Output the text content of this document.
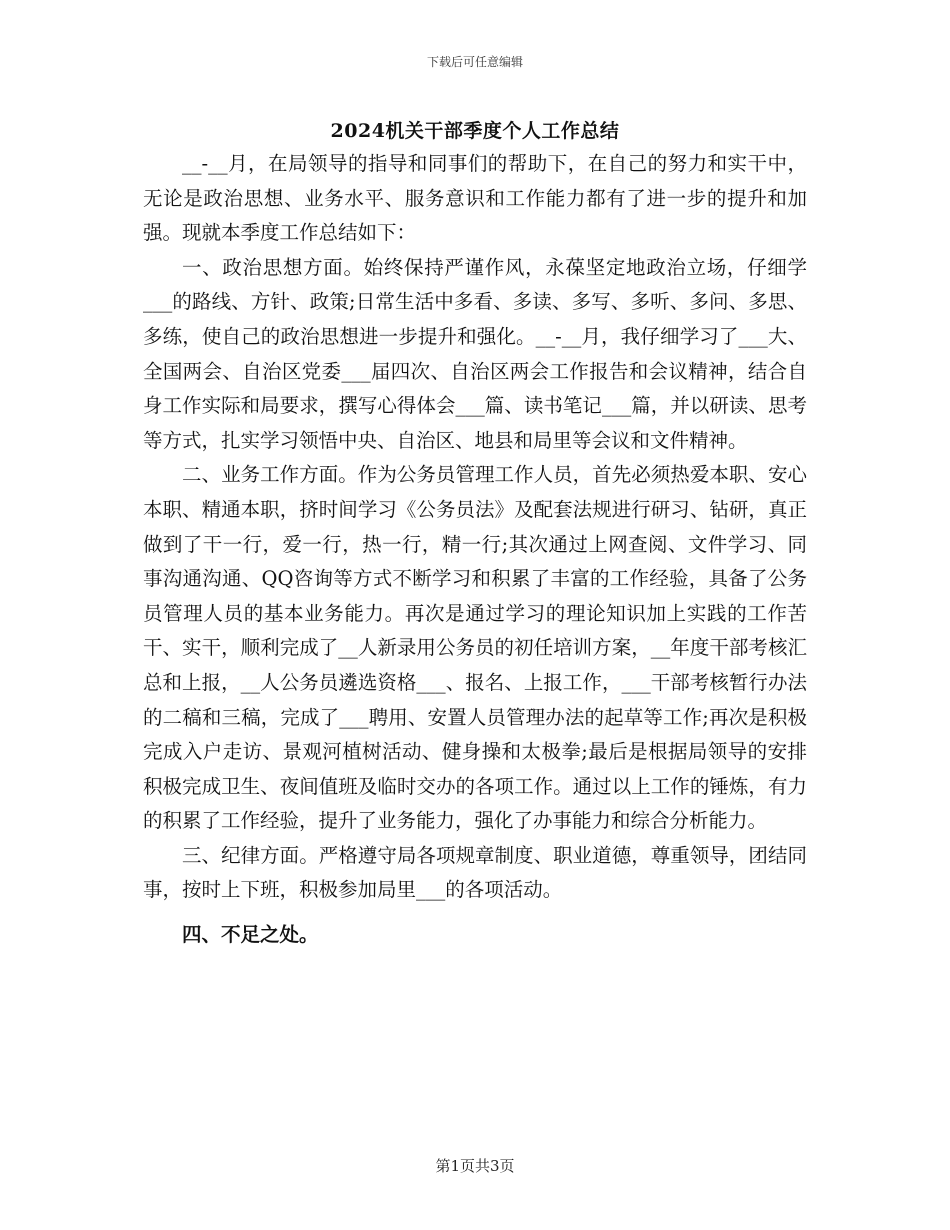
下载后可任意编辑
2024机关干部季度个人工作总结

__-__月，在局领导的指导和同事们的帮助下，在自己的努力和实干中，无论是政治思想、业务水平、服务意识和工作能力都有了进一步的提升和加强。现就本季度工作总结如下：

一、政治思想方面。始终保持严谨作风，永葆坚定地政治立场，仔细学___的路线、方针、政策;日常生活中多看、多读、多写、多听、多问、多思、多练，使自己的政治思想进一步提升和强化。__-__月，我仔细学习了___大、全国两会、自治区党委___届四次、自治区两会工作报告和会议精神，结合自身工作实际和局要求，撰写心得体会___篇、读书笔记___篇，并以研读、思考等方式，扎实学习领悟中央、自治区、地县和局里等会议和文件精神。

二、业务工作方面。作为公务员管理工作人员，首先必须热爱本职、安心本职、精通本职，挤时间学习《公务员法》及配套法规进行研习、钻研，真正做到了干一行，爱一行，热一行，精一行;其次通过上网查阅、文件学习、同事沟通沟通、QQ咨询等方式不断学习和积累了丰富的工作经验，具备了公务员管理人员的基本业务能力。再次是通过学习的理论知识加上实践的工作苦干、实干，顺利完成了__人新录用公务员的初任培训方案，__年度干部考核汇总和上报，__人公务员遴选资格___、报名、上报工作，___干部考核暂行办法的二稿和三稿，完成了___聘用、安置人员管理办法的起草等工作;再次是积极完成入户走访、景观河植树活动、健身操和太极拳;最后是根据局领导的安排积极完成卫生、夜间值班及临时交办的各项工作。通过以上工作的锤炼，有力的积累了工作经验，提升了业务能力，强化了办事能力和综合分析能力。

三、纪律方面。严格遵守局各项规章制度、职业道德，尊重领导，团结同事，按时上下班，积极参加局里___的各项活动。

四、不足之处。

第1页共3页
